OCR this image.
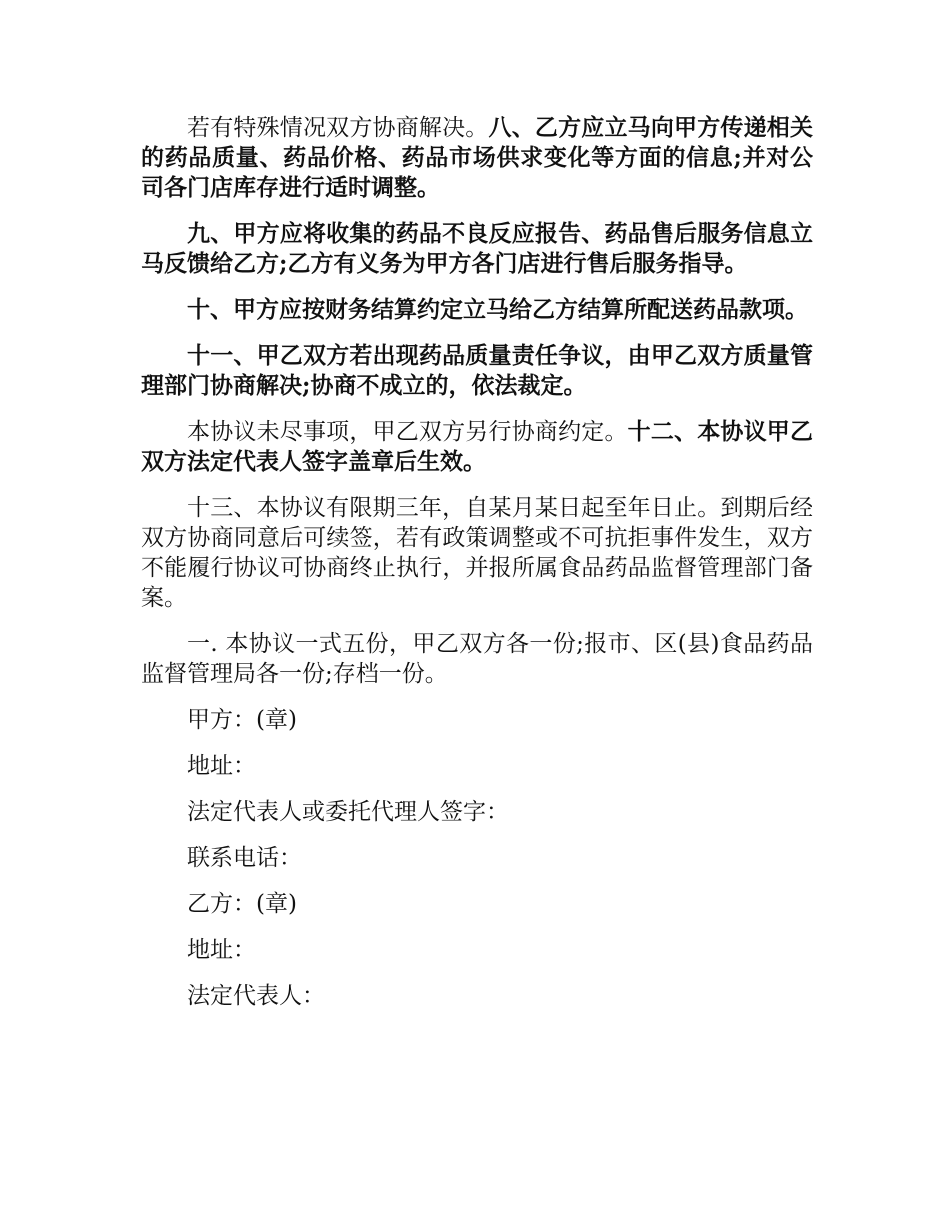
若有特殊情况双方协商解决。八、乙方应立马向甲方传递相关的药品质量、药品价格、药品市场供求变化等方面的信息;并对公司各门店库存进行适时调整。

九、甲方应将收集的药品不良反应报告、药品售后服务信息立马反馈给乙方;乙方有义务为甲方各门店进行售后服务指导。

十、甲方应按财务结算约定立马给乙方结算所配送药品款项。

十一、甲乙双方若出现药品质量责任争议，由甲乙双方质量管理部门协商解决;协商不成立的，依法裁定。

本协议未尽事项，甲乙双方另行协商约定。十二、本协议甲乙双方法定代表人签字盖章后生效。

十三、本协议有限期三年，自某月某日起至年日止。到期后经双方协商同意后可续签，若有政策调整或不可抗拒事件发生，双方不能履行协议可协商终止执行，并报所属食品药品监督管理部门备案。

一. 本协议一式五份，甲乙双方各一份;报市、区(县)食品药品监督管理局各一份;存档一份。

甲方：(章)

地址：

法定代表人或委托代理人签字：

联系电话：

乙方：(章)

地址：

法定代表人：
